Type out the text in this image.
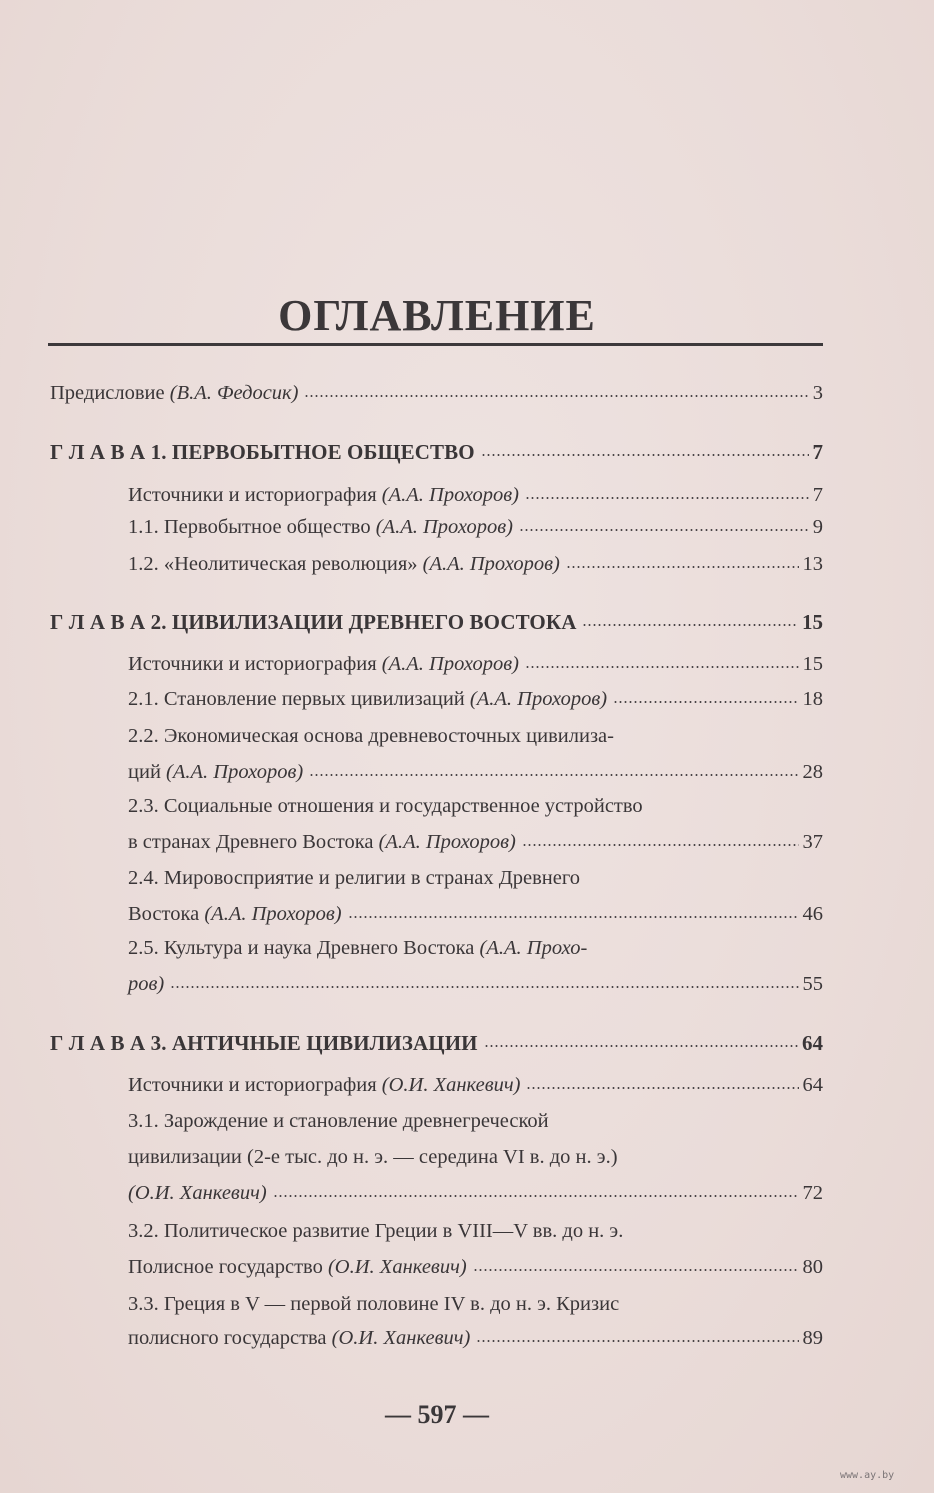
ОГЛАВЛЕНИЕ
Предисловие (В.А. Федосик)	3
Г Л А В А 1. ПЕРВОБЫТНОЕ ОБЩЕСТВО	7
Источники и историография (А.А. Прохоров)	7
1.1. Первобытное общество (А.А. Прохоров)	9
1.2. «Неолитическая революция» (А.А. Прохоров)	13
Г Л А В А 2. ЦИВИЛИЗАЦИИ ДРЕВНЕГО ВОСТОКА	15
Источники и историография (А.А. Прохоров)	15
2.1. Становление первых цивилизаций (А.А. Прохоров)	18
2.2. Экономическая основа древневосточных цивилиза-
ций (А.А. Прохоров)	28
2.3. Социальные отношения и государственное устройство
в странах Древнего Востока (А.А. Прохоров)	37
2.4. Мировосприятие и религии в странах Древнего
Востока (А.А. Прохоров)	46
2.5. Культура и наука Древнего Востока (А.А. Прохо-
ров)	55
Г Л А В А 3. АНТИЧНЫЕ ЦИВИЛИЗАЦИИ	64
Источники и историография (О.И. Ханкевич)	64
3.1. Зарождение и становление древнегреческой
цивилизации (2-е тыс. до н. э. — середина VI в. до н. э.)
(О.И. Ханкевич)	72
3.2. Политическое развитие Греции в VIII—V вв. до н. э.
Полисное государство (О.И. Ханкевич)	80
3.3. Греция в V — первой половине IV в. до н. э. Кризис
полисного государства (О.И. Ханкевич)	89
— 597 —
www.ay.by
